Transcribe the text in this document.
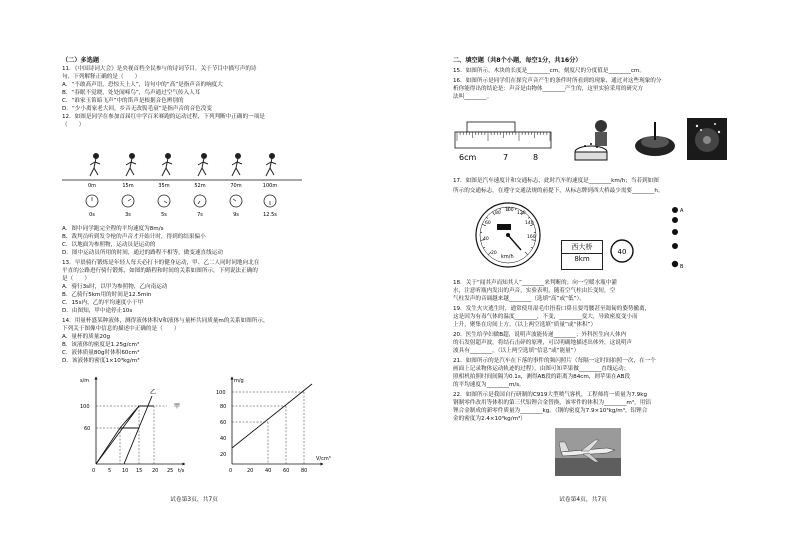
（二）多选题
11．《中国诗词大会》是央视首档全民参与的诗词节目，关于节目中描写声的诗
句，下列解释正确的是（　　）
A．“不敢高声语，恐惊天上人”，诗句中的“高”是指声音的响度大
B．“春眠不觉晓，处处闻啼鸟”，鸟声通过空气传入人耳
C．“谁家玉笛暗飞声”中的笛声是根据音色辨别的
D．“少小离家老大回，乡音无改鬓毛衰”是指声音的音色没变
12．如图是同学在参加首届红中学百米赛跑的运动过程，下列判断中正确的一项是
（　　）
0m	15m	35m	52m	70m	100m
0s	3s	5s	7s	9s	12.5s
A．图中同学跑完全程的平均速度为8m/s
B．裁判员听到发令枪的声音才开始计时，得到的结果偏小
C．以地面为参照物，运动员是运动的
D．图中运动员所用的时间，通过的路程不相等，做变速直线运动
13．早晨骑行锻炼是年轻人每天必打卡的健身运动，甲、乙二人同时同地向北在
平直的公路进行骑行锻炼，如图的路程和时间的关系如图所示，下列说法正确的
是（　　）
A．骑行3s时，以甲为参照物，乙向南运动
B．乙骑行5km用的时间是12.5min
C．15s内，乙的平均速度小于甲
D．由图知，甲中途停止10s
14．用量杯盛某种液体，测得液体体积V和液体与量杯共同质量m的关系如图所示，
下列关于图像中信息的描述中正确的是（　　）
A．量杯的质量20g
B．该液体的密度是1.25g/cm³
C．液体质量80g时体积60cm³
D．该液体的密度1×10³kg/m³
s/m
t/s
100
60
0	5 10 15 20 25
乙
甲
m/g
V/cm³
100
80
60
40
20
0	20 40 60 80
试卷第3页，共7页
二、填空题（共8个小题，每空1分，共16分）
15．如图所示，木块的长度是________cm，刻度尺的分度值是________cm。
16．如图所示是同学们在探究声音产生的条件时所看到的现象，通过对这些现象的分
析你能得出的结论是：声音是由物体________产生的，这里实验采用的研究方
法叫________。
6cm	7	8
17．如图是汽车速度计和交通标志，此时汽车的速度是________km/h；当若到如图
所示的交通标志，在遵守交通法规的前提下，从标志牌到西大桥最少需要________h。
20
40
60
80
100
120
140
160
km/h
西大桥
8km
40
A
B
18．关于“闻其声而知其人”________来判断的；向一空暖水瓶中灌
水，注意听瓶内发出的声音，实验表明，随着空气柱由长变短，空
气柱发声的音调越来越________（选填“高”或“低”）。
19．发生火灾逃生时，通常使用湿毛巾捂着口鼻且要弯腰甚至匍匐的姿势撤离，
这是因为有毒气体的温度________，不变，________变大，导致密度变小而
上升，聚集在房间上方。（以上两空选填“质量”或“体积”）
20．医生给孕妇做B超，说明声波能传递________；外科医生向人体内
的石发射超声波，将结石击碎的原理，可以明确地描述出体外，这说明声
波具有________。（以上两空选填“信息”或“能量”）
21．如图所示的是汽车在下落的事件的频闪照片（每隔一定时间拍照一次，在一个
画面上记录物体运动轨迹的过程），由图可知苹果做________直线运动；
照相机拍照时间间隔为0.1s，测得AB段的距离为84cm，则苹果在AB段
的平均速度为________m/s。
22．如图所示是我国自行研制的C919大型喷气客机，工程师将一质量为7.9kg
钢制零件改用等体积的第三代铝锂合金替换，该零件的体积为________m³，用铝
锂合金制成的新零件质量为________kg。（钢的密度为7.9×10³kg/m³，铝锂合
金的密度为2.4×10³kg/m³）
试卷第4页，共7页
